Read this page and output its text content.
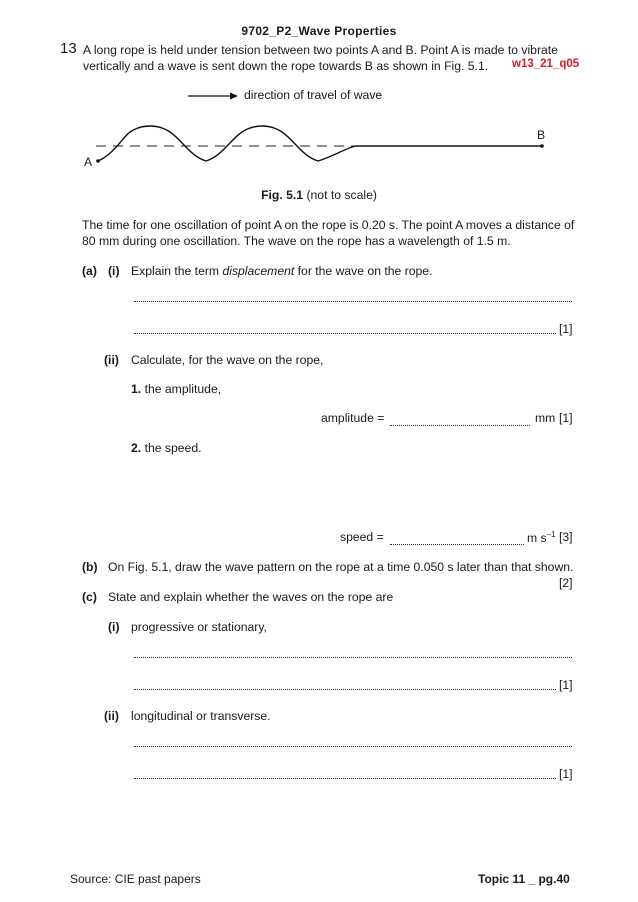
9702_P2_Wave Properties
13 A long rope is held under tension between two points A and B. Point A is made to vibrate
vertically and a wave is sent down the rope towards B as shown in Fig. 5.1.	w13_21_q05
direction of travel of wave
A
B
Fig. 5.1 (not to scale)
The time for one oscillation of point A on the rope is 0.20 s. The point A moves a distance of
80 mm during one oscillation. The wave on the rope has a wavelength of 1.5 m.
(a) (i) Explain the term displacement for the wave on the rope.
[1]
(ii) Calculate, for the wave on the rope,
1. the amplitude,
amplitude =	mm [1]
2. the speed.
speed =	m $s^{-1}$ [3]
(b) On Fig. 5.1, draw the wave pattern on the rope at a time 0.050 s later than that shown.
[2]
(c) State and explain whether the waves on the rope are
(i) progressive or stationary,
[1]
(ii) longitudinal or transverse.
[1]
Source: CIE past papers	Topic 11 _ pg.40
